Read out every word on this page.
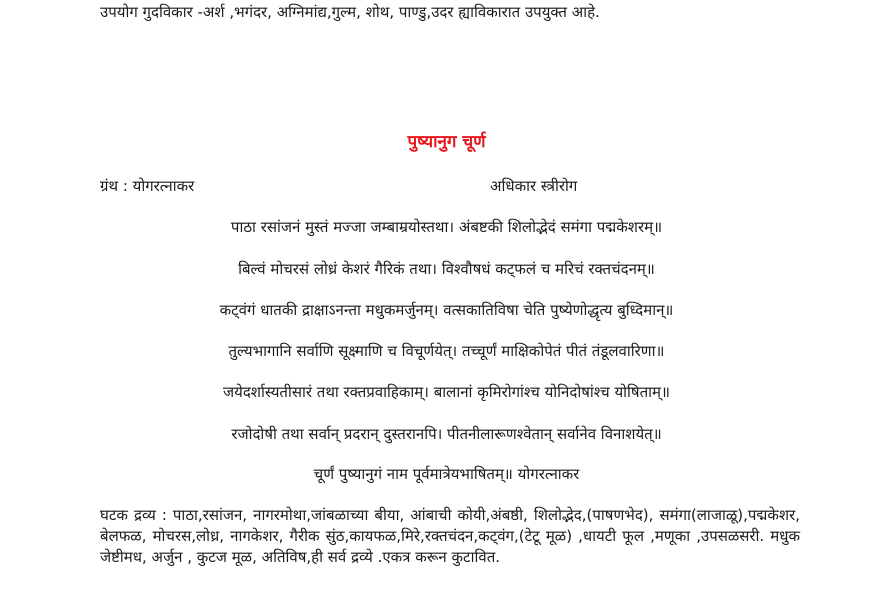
उपयोग गुदविकार -अर्श ,भगंदर, अग्निमांद्य,गुल्म, शोथ, पाण्डु,उदर ह्याविकारात उपयुक्त आहे.
पुष्यानुग चूर्ण
ग्रंथ : योगरत्नाकर	अधिकार स्त्रीरोग
पाठा रसांजनं मुस्तं मज्जा जम्बाम्रयोस्तथा। अंबष्टकी शिलोद्भेदं समंगा पद्मकेशरम्॥
बिल्वं मोचरसं लोध्रं केशरं गैरिकं तथा। विश्वौषधं कट्फलं च मरिचं रक्तचंदनम्॥
कट्वंगं धातकी द्राक्षाऽनन्ता मधुकमर्जुनम्। वत्सकातिविषा चेति पुष्येणोद्धृत्य बुध्दिमान्॥
तुल्यभागानि सर्वाणि सूक्ष्माणि च विचूर्णयेत्। तच्चूर्णं माक्षिकोपेतं पीतं तंडूलवारिणा॥
जयेदर्शास्यतीसारं तथा रक्तप्रवाहिकाम्। बालानां कृमिरोगांश्च योनिदोषांश्च योषिताम्॥
रजोदोषी तथा सर्वान् प्रदरान् दुस्तरानपि। पीतनीलारूणश्वेतान् सर्वानेव विनाशयेत्॥
चूर्णं पुष्यानुगं नाम पूर्वमात्रेयभाषितम्॥ योगरत्नाकर
घटक द्रव्य : पाठा,रसांजन, नागरमोथा,जांबळाच्या बीया, आंबाची कोयी,अंबष्ठी, शिलोद्भेद,(पाषणभेद), समंगा(लाजाळू),पद्मकेशर, बेलफळ, मोचरस,लोध्र, नागकेशर, गैरीक सुंठ,कायफळ,मिरे,रक्तचंदन,कट्वंग,(टेटू मूळ) ,धायटी फूल ,मणूका ,उपसळसरी. मधुक जेष्टीमध, अर्जुन , कुटज मूळ, अतिविष,ही सर्व द्रव्ये .एकत्र करून कुटावित.
